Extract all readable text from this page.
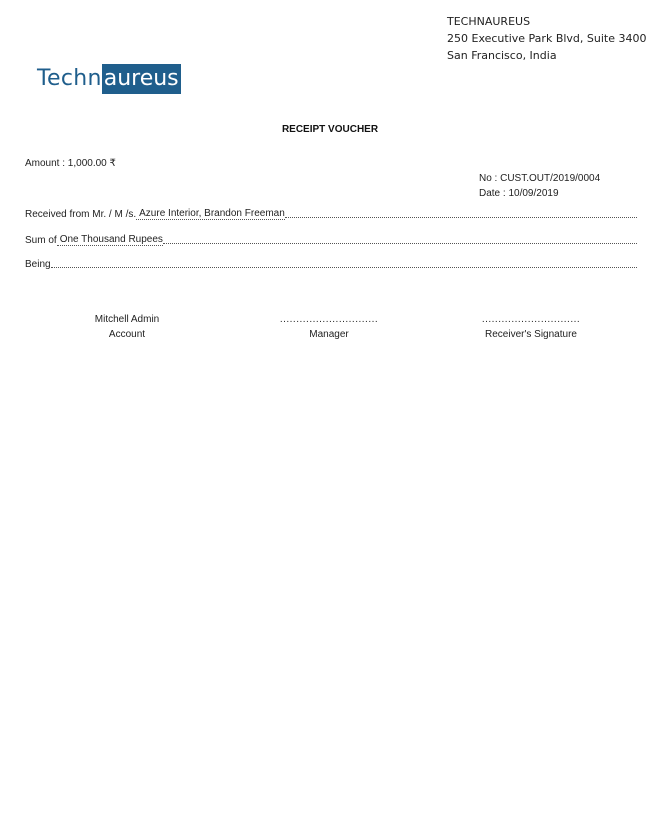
TECHNAUREUS
250 Executive Park Blvd, Suite 3400
San Francisco, India
Techn aureus
RECEIPT VOUCHER
Amount : 1,000.00 ₹
No : CUST.OUT/2019/0004
Date : 10/09/2019
Received from Mr. / M /s. Azure Interior, Brandon Freeman
Sum of One Thousand Rupees
Being
Mitchell Admin
Account
..............................
Manager
..............................
Receiver's Signature
